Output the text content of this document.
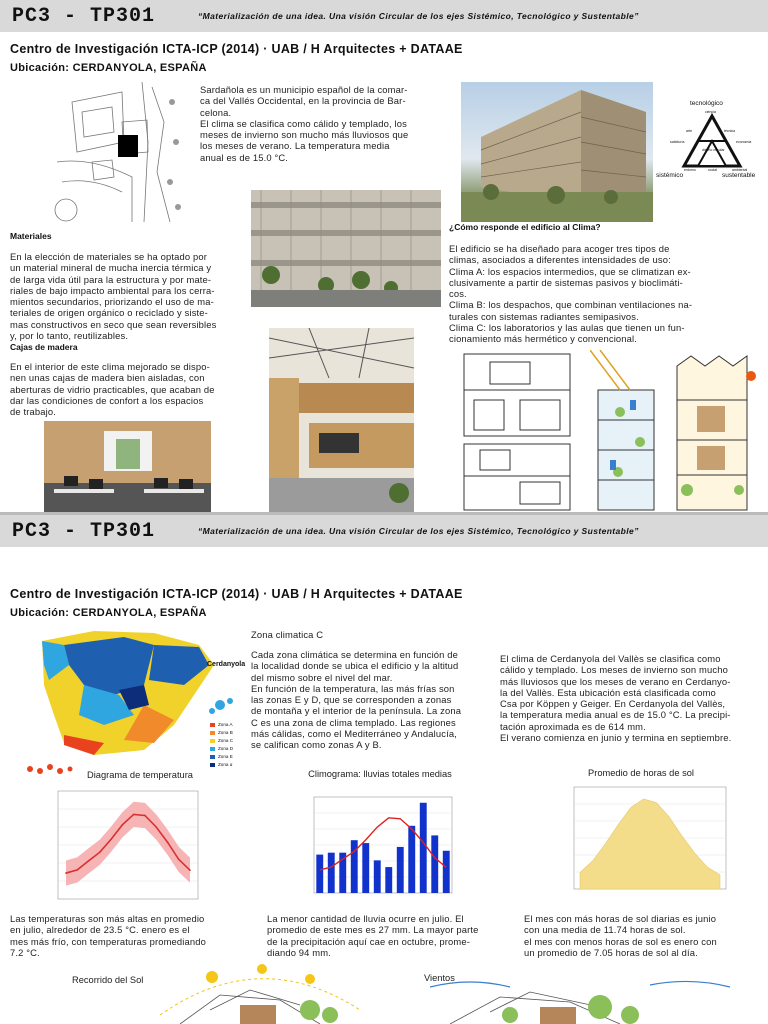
PC3 - TP301	“Materialización de una idea. Una visión Circular de los ejes Sistémico, Tecnológico y Sustentable”
Centro de Investigación ICTA-ICP (2014) · UAB / H Arquitectes + DATAAE
Ubicación: CERDANYOLA, ESPAÑA
Sardañola es un municipio español de la comar-
ca del Vallés Occidental, en la provincia de Bar-
celona.
El clima se clasifica como cálido y templado, los
meses de invierno son mucho más lluviosos que
los meses de verano. La temperatura media
anual es de 15.0 °C.
tecnológico
ciencia
arte	técnica
sabiduría	economía
diseño circular
entorno	social	ambiental
sistémico	sustentable
Materiales
En la elección de materiales se ha optado por
un material mineral de mucha inercia térmica y
de larga vida útil para la estructura y por mate-
riales de bajo impacto ambiental para los cerra-
mientos secundarios, priorizando el uso de ma-
teriales de origen orgánico o reciclado y siste-
mas constructivos en seco que sean reversibles
y, por lo tanto, reutilizables.
Cajas de madera
En el interior de este clima mejorado se dispo-
nen unas cajas de madera bien aisladas, con
aberturas de vidrio practicables, que acaban de
dar las condiciones de confort a los espacios
de trabajo.
¿Cómo responde el edificio al Clima?
El edificio se ha diseñado para acoger tres tipos de
climas, asociados a diferentes intensidades de uso:
Clima A: los espacios intermedios, que se climatizan ex-
clusivamente a partir de sistemas pasivos y bioclimáti-
cos.
Clima B: los despachos, que combinan ventilaciones na-
turales con sistemas radiantes semipasivos.
Clima C: los laboratorios y las aulas que tienen un fun-
cionamiento más hermético y convencional.
PC3 - TP301	“Materialización de una idea. Una visión Circular de los ejes Sistémico, Tecnológico y Sustentable”
Centro de Investigación ICTA-ICP (2014) · UAB / H Arquitectes + DATAAE
Ubicación: CERDANYOLA, ESPAÑA
Cerdanyola
Zona A
Zona B
Zona C
Zona D
Zona E
Zona α
Zona climatica C
Cada zona climática se determina en función de
la localidad donde se ubica el edificio y la altitud
del mismo sobre el nivel del mar.
En función de la temperatura, las más frías son
las zonas E y D, que se corresponden a zonas
de montaña y el interior de la península. La zona
C es una zona de clima templado. Las regiones
más cálidas, como el Mediterráneo y Andalucía,
se califican como zonas A y B.
El clima de Cerdanyola del Vallès se clasifica como
cálido y templado. Los meses de invierno son mucho
más lluviosos que los meses de verano en Cerdanyo-
la del Vallès. Esta ubicación está clasificada como
Csa por Köppen y Geiger. En Cerdanyola del Vallès,
la temperatura media anual es de 15.0 °C. La precipi-
tación aproximada es de 614 mm.
El verano comienza en junio y termina en septiembre.
Diagrama de temperatura	Climograma: lluvias totales medias	Promedio de horas de sol
Las temperaturas son más altas en promedio
en julio, alrededor de 23.5 °C. enero es el
mes más frío, con temperaturas promediando
7.2 °C.
La menor cantidad de lluvia ocurre en julio. El
promedio de este mes es 27 mm. La mayor parte
de la precipitación aquí cae en octubre, prome-
diando 94 mm.
El mes con más horas de sol diarias es junio
con una media de 11.74 horas de sol.
el mes con menos horas de sol es enero con
un promedio de 7.05 horas de sol al día.
Recorrido del Sol	Vientos
